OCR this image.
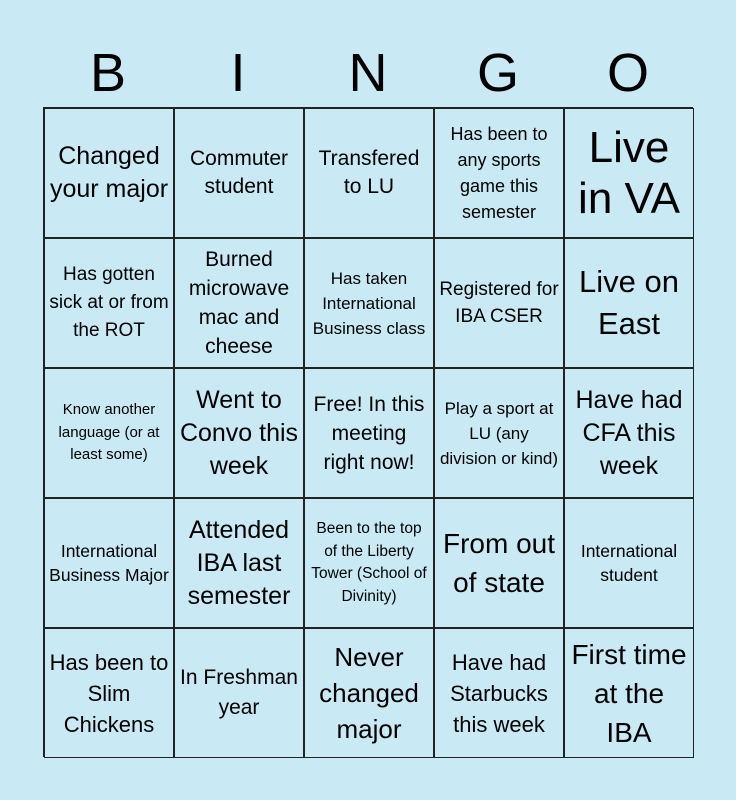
B	I	N	G	O
Changed your major
Commuter student
Transfered to LU
Has been to any sports game this semester
Live in VA
Has gotten sick at or from the ROT
Burned microwave mac and cheese
Has taken International Business class
Registered for IBA CSER
Live on East
Know another language (or at least some)
Went to Convo this week
Free! In this meeting right now!
Play a sport at LU (any division or kind)
Have had CFA this week
International Business Major
Attended IBA last semester
Been to the top of the Liberty Tower (School of Divinity)
From out of state
International student
Has been to Slim Chickens
In Freshman year
Never changed major
Have had Starbucks this week
First time at the IBA
